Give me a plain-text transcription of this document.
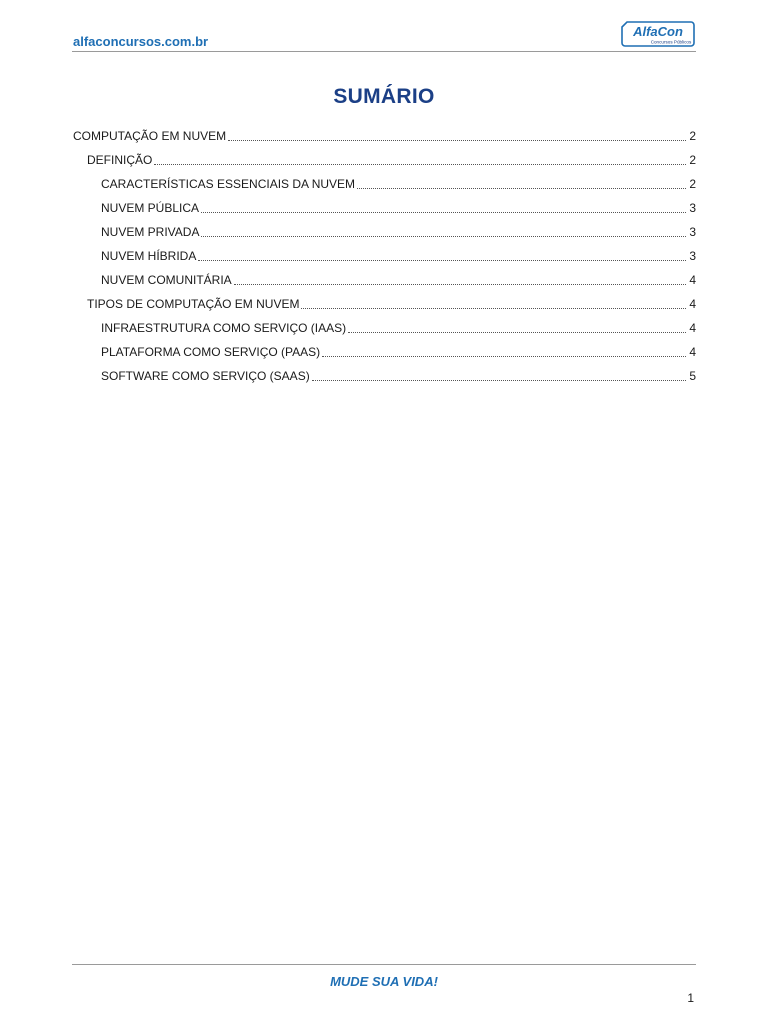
alfaconcursos.com.br
AlfaCon
Concursos Públicos
SUMÁRIO
COMPUTAÇÃO EM NUVEM	2
DEFINIÇÃO	2
CARACTERÍSTICAS ESSENCIAIS DA NUVEM	2
NUVEM PÚBLICA	3
NUVEM PRIVADA	3
NUVEM HÍBRIDA	3
NUVEM COMUNITÁRIA	4
TIPOS DE COMPUTAÇÃO EM NUVEM	4
INFRAESTRUTURA COMO SERVIÇO (IAAS)	4
PLATAFORMA COMO SERVIÇO (PAAS)	4
SOFTWARE COMO SERVIÇO (SAAS)	5
MUDE SUA VIDA!
1
